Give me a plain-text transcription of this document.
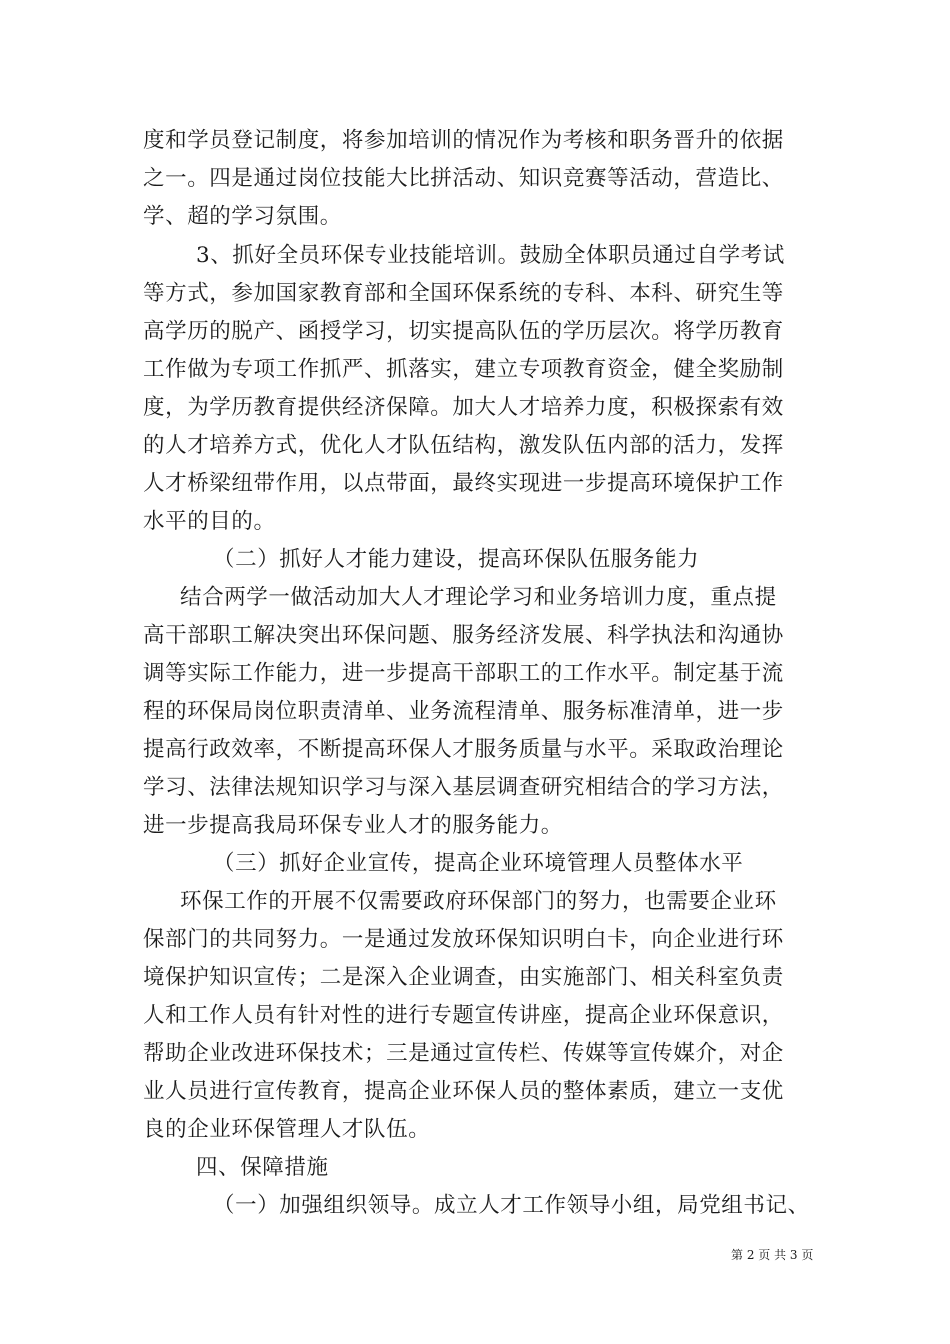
度和学员登记制度，将参加培训的情况作为考核和职务晋升的依据
之一。四是通过岗位技能大比拼活动、知识竞赛等活动，营造比、
学、超的学习氛围。
3、抓好全员环保专业技能培训。鼓励全体职员通过自学考试
等方式，参加国家教育部和全国环保系统的专科、本科、研究生等
高学历的脱产、函授学习，切实提高队伍的学历层次。将学历教育
工作做为专项工作抓严、抓落实，建立专项教育资金，健全奖励制
度，为学历教育提供经济保障。加大人才培养力度，积极探索有效
的人才培养方式，优化人才队伍结构，激发队伍内部的活力，发挥
人才桥梁纽带作用，以点带面，最终实现进一步提高环境保护工作
水平的目的。
（二）抓好人才能力建设，提高环保队伍服务能力
结合两学一做活动加大人才理论学习和业务培训力度，重点提
高干部职工解决突出环保问题、服务经济发展、科学执法和沟通协
调等实际工作能力，进一步提高干部职工的工作水平。制定基于流
程的环保局岗位职责清单、业务流程清单、服务标准清单，进一步
提高行政效率，不断提高环保人才服务质量与水平。采取政治理论
学习、法律法规知识学习与深入基层调查研究相结合的学习方法，
进一步提高我局环保专业人才的服务能力。
（三）抓好企业宣传，提高企业环境管理人员整体水平
环保工作的开展不仅需要政府环保部门的努力，也需要企业环
保部门的共同努力。一是通过发放环保知识明白卡，向企业进行环
境保护知识宣传；二是深入企业调查，由实施部门、相关科室负责
人和工作人员有针对性的进行专题宣传讲座，提高企业环保意识，
帮助企业改进环保技术；三是通过宣传栏、传媒等宣传媒介，对企
业人员进行宣传教育，提高企业环保人员的整体素质，建立一支优
良的企业环保管理人才队伍。
四、保障措施
（一）加强组织领导。成立人才工作领导小组，局党组书记、
第 2 页 共 3 页
